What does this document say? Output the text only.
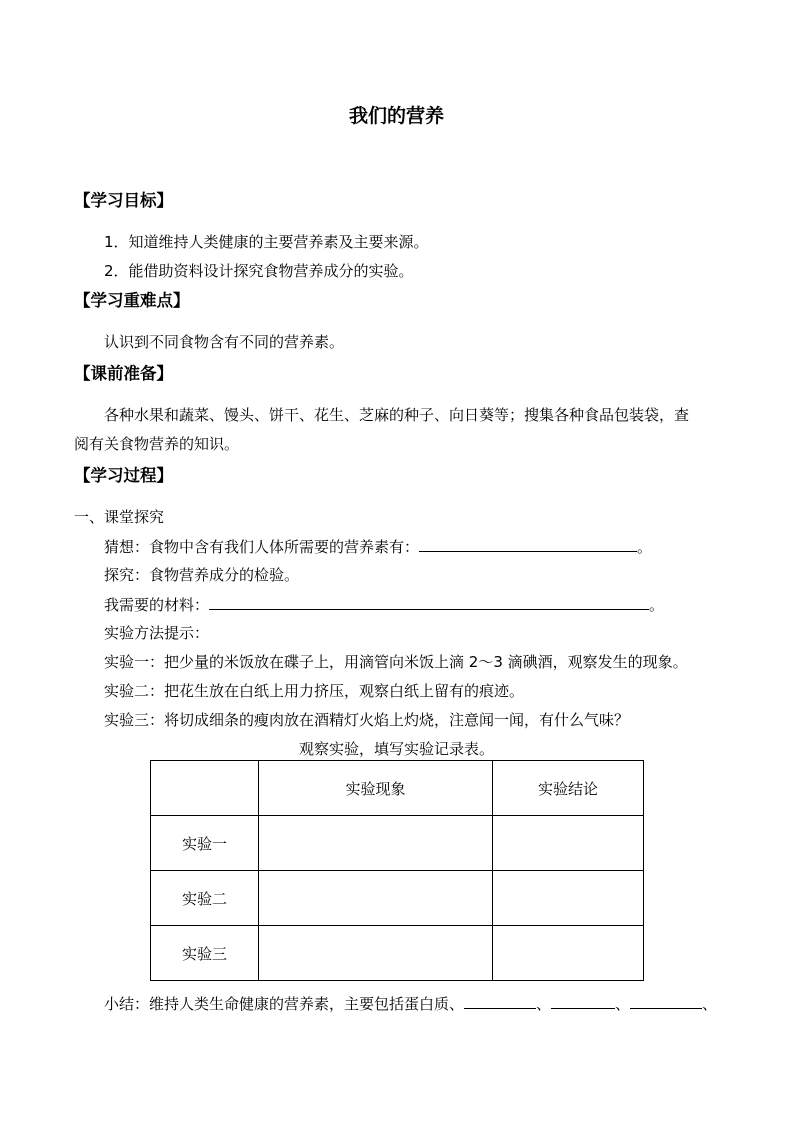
我们的营养
【学习目标】
1．知道维持人类健康的主要营养素及主要来源。
2．能借助资料设计探究食物营养成分的实验。
【学习重难点】
认识到不同食物含有不同的营养素。
【课前准备】
各种水果和蔬菜、馒头、饼干、花生、芝麻的种子、向日葵等；搜集各种食品包装袋，查
阅有关食物营养的知识。
【学习过程】
一、课堂探究
猜想：食物中含有我们人体所需要的营养素有：	。
探究：食物营养成分的检验。
我需要的材料：	。
实验方法提示：
实验一：把少量的米饭放在碟子上，用滴管向米饭上滴 2～3 滴碘酒，观察发生的现象。
实验二：把花生放在白纸上用力挤压，观察白纸上留有的痕迹。
实验三：将切成细条的瘦肉放在酒精灯火焰上灼烧，注意闻一闻，有什么气味？
观察实验，填写实验记录表。
	实验现象	实验结论
实验一		
实验二		
实验三		
小结：维持人类生命健康的营养素，主要包括蛋白质、	、	、	、
